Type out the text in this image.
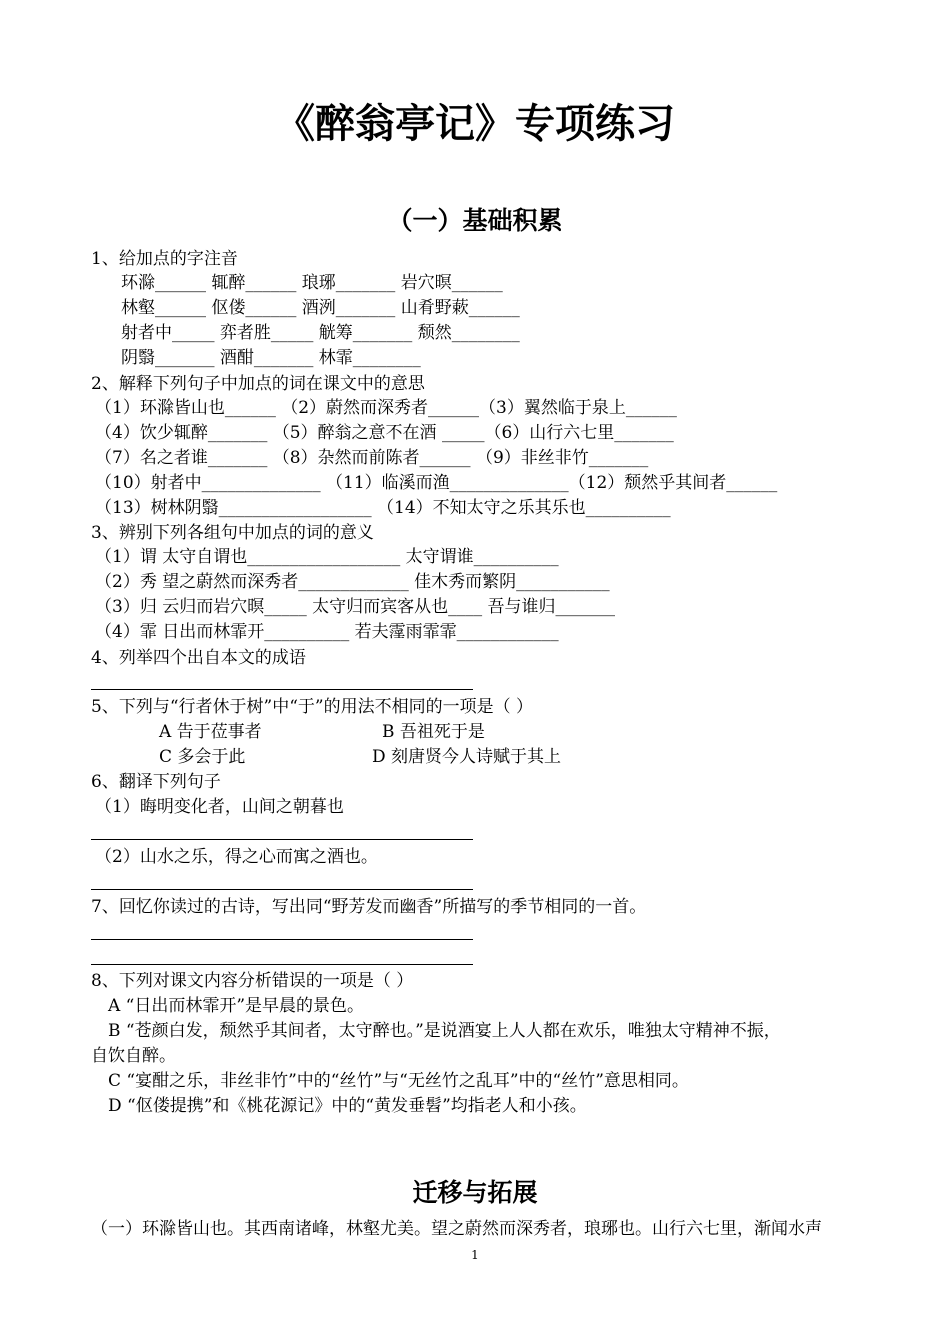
《醉翁亭记》专项练习
（一）基础积累
1、给加点的字注音
环滁______ 辄醉______ 琅琊_______ 岩穴暝______
林壑______ 伛偻______ 酒洌_______ 山肴野蔌______
射者中_____ 弈者胜_____ 觥筹_______ 颓然________
阴翳_______ 酒酣_______ 林霏________
2、解释下列句子中加点的词在课文中的意思
（1）环滁皆山也______ （2）蔚然而深秀者______（3）翼然临于泉上______
（4）饮少辄醉_______ （5）醉翁之意不在酒 _____（6）山行六七里_______
（7）名之者谁_______ （8）杂然而前陈者______ （9）非丝非竹_______
（10）射者中______________ （11）临溪而渔______________（12）颓然乎其间者______
（13）树林阴翳__________________ （14）不知太守之乐其乐也__________
3、辨别下列各组句中加点的词的意义
（1）谓 太守自谓也__________________ 太守谓谁__________
（2）秀 望之蔚然而深秀者_____________ 佳木秀而繁阴___________
（3）归 云归而岩穴暝_____ 太守归而宾客从也____ 吾与谁归_______
（4）霏 日出而林霏开__________ 若夫霪雨霏霏____________
4、列举四个出自本文的成语
5、下列与“行者休于树”中“于”的用法不相同的一项是（ ）
A 告于莅事者	B 吾祖死于是
C 多会于此	D 刻唐贤今人诗赋于其上
6、翻译下列句子
（1）晦明变化者，山间之朝暮也
（2）山水之乐，得之心而寓之酒也。
7、回忆你读过的古诗，写出同“野芳发而幽香”所描写的季节相同的一首。
8、下列对课文内容分析错误的一项是（ ）
A “日出而林霏开”是早晨的景色。
B “苍颜白发，颓然乎其间者，太守醉也。”是说酒宴上人人都在欢乐，唯独太守精神不振，
自饮自醉。
C “宴酣之乐，非丝非竹”中的“丝竹”与“无丝竹之乱耳”中的“丝竹”意思相同。
D “伛偻提携”和《桃花源记》中的“黄发垂髫”均指老人和小孩。
迁移与拓展
（一）环滁皆山也。其西南诸峰，林壑尤美。望之蔚然而深秀者，琅琊也。山行六七里，渐闻水声
1
